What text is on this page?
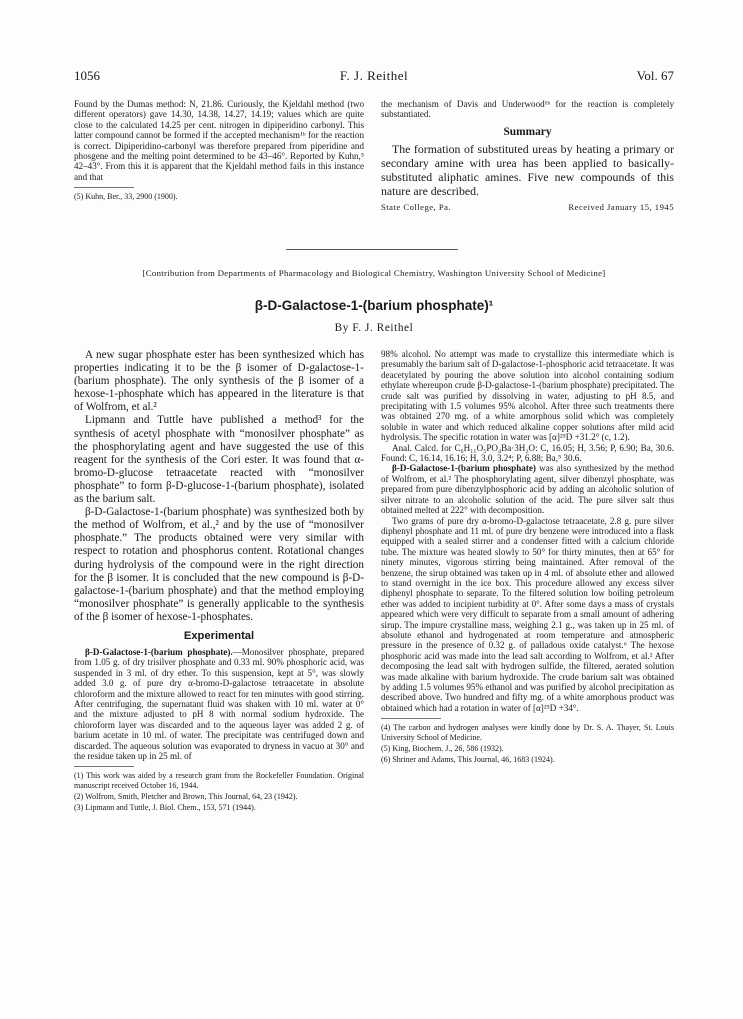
1056	F. J. Reithel	Vol. 67

Found by the Dumas method: N, 21.86. Curiously, the Kjeldahl method (two different operators) gave 14.30, 14.38, 14.27, 14.19; values which are quite close to the calculated 14.25 per cent. nitrogen in dipiperidino carbonyl. This latter compound cannot be formed if the accepted mechanism¹ᵇ for the reaction is correct. Dipiperidino-carbonyl was therefore prepared from piperidine and phosgene and the melting point determined to be 43–46°. Reported by Kuhn,⁵ 42–43°. From this it is apparent that the Kjeldahl method fails in this instance and that

(5) Kuhn, Ber., 33, 2900 (1900).

the mechanism of Davis and Underwood¹ᵇ for the reaction is completely substantiated.

Summary

The formation of substituted ureas by heating a primary or secondary amine with urea has been applied to basically-substituted aliphatic amines. Five new compounds of this nature are described.

State College, Pa.	Received January 15, 1945
[Contribution from Departments of Pharmacology and Biological Chemistry, Washington University School of Medicine]
β-D-Galactose-1-(barium phosphate)¹
By F. J. Reithel

A new sugar phosphate ester has been synthesized which has properties indicating it to be the β isomer of D-galactose-1-(barium phosphate). The only synthesis of the β isomer of a hexose-1-phosphate which has appeared in the literature is that of Wolfrom, et al.²

Lipmann and Tuttle have published a method³ for the synthesis of acetyl phosphate with “monosilver phosphate” as the phosphorylating agent and have suggested the use of this reagent for the synthesis of the Cori ester. It was found that α-bromo-D-glucose tetraacetate reacted with “monosilver phosphate” to form β-D-glucose-1-(barium phosphate), isolated as the barium salt.

β-D-Galactose-1-(barium phosphate) was synthesized both by the method of Wolfrom, et al.,² and by the use of “monosilver phosphate.” The products obtained were very similar with respect to rotation and phosphorus content. Rotational changes during hydrolysis of the compound were in the right direction for the β isomer. It is concluded that the new compound is β-D-galactose-1-(barium phosphate) and that the method employing “monosilver phosphate” is generally applicable to the synthesis of the β isomer of hexose-1-phosphates.

Experimental

β-D-Galactose-1-(barium phosphate).—Monosilver phosphate, prepared from 1.05 g. of dry trisilver phosphate and 0.33 ml. 90% phosphoric acid, was suspended in 3 ml. of dry ether. To this suspension, kept at 5°, was slowly added 3.0 g. of pure dry α-bromo-D-galactose tetraacetate in absolute chloroform and the mixture allowed to react for ten minutes with good stirring. After centrifuging, the supernatant fluid was shaken with 10 ml. water at 0° and the mixture adjusted to pH 8 with normal sodium hydroxide. The chloroform layer was discarded and to the aqueous layer was added 2 g. of barium acetate in 10 ml. of water. The precipitate was centrifuged down and discarded. The aqueous solution was evaporated to dryness in vacuo at 30° and the residue taken up in 25 ml. of

(1) This work was aided by a research grant from the Rockefeller Foundation. Original manuscript received October 16, 1944.

(2) Wolfrom, Smith, Pletcher and Brown, This Journal, 64, 23 (1942).

(3) Lipmann and Tuttle, J. Biol. Chem., 153, 571 (1944).

98% alcohol. No attempt was made to crystallize this intermediate which is presumably the barium salt of D-galactose-1-phosphoric acid tetraacetate. It was deacetylated by pouring the above solution into alcohol containing sodium ethylate whereupon crude β-D-galactose-1-(barium phosphate) precipitated. The crude salt was purified by dissolving in water, adjusting to pH 8.5, and precipitating with 1.5 volumes 95% alcohol. After three such treatments there was obtained 270 mg. of a white amorphous solid which was completely soluble in water and which reduced alkaline copper solutions after mild acid hydrolysis. The specific rotation in water was [α]²⁵D +31.2° (c, 1.2).

Anal. Calcd. for C₆H₁₁O₅PO₄Ba·3H₂O: C, 16.05; H, 3.56; P, 6.90; Ba, 30.6. Found: C, 16.14, 16.16; H, 3.0, 3.2⁴; P, 6.88; Ba,⁵ 30.6.

β-D-Galactose-1-(barium phosphate) was also synthesized by the method of Wolfrom, et al.² The phosphorylating agent, silver dibenzyl phosphate, was prepared from pure dibenzylphosphoric acid by adding an alcoholic solution of silver nitrate to an alcoholic solution of the acid. The pure silver salt thus obtained melted at 222° with decomposition.

Two grams of pure dry α-bromo-D-galactose tetraacetate, 2.8 g. pure silver diphenyl phosphate and 11 ml. of pure dry benzene were introduced into a flask equipped with a sealed stirrer and a condenser fitted with a calcium chloride tube. The mixture was heated slowly to 50° for thirty minutes, then at 65° for ninety minutes, vigorous stirring being maintained. After removal of the benzene, the sirup obtained was taken up in 4 ml. of absolute ether and allowed to stand overnight in the ice box. This procedure allowed any excess silver diphenyl phosphate to separate. To the filtered solution low boiling petroleum ether was added to incipient turbidity at 0°. After some days a mass of crystals appeared which were very difficult to separate from a small amount of adhering sirup. The impure crystalline mass, weighing 2.1 g., was taken up in 25 ml. of absolute ethanol and hydrogenated at room temperature and atmospheric pressure in the presence of 0.32 g. of palladous oxide catalyst.⁶ The hexose phosphoric acid was made into the lead salt according to Wolfrom, et al.² After decomposing the lead salt with hydrogen sulfide, the filtered, aerated solution was made alkaline with barium hydroxide. The crude barium salt was obtained by adding 1.5 volumes 95% ethanol and was purified by alcohol precipitation as described above. Two hundred and fifty mg. of a white amorphous product was obtained which had a rotation in water of [α]²⁵D +34°.

(4) The carbon and hydrogen analyses were kindly done by Dr. S. A. Thayer, St. Louis University School of Medicine.

(5) King, Biochem. J., 26, 586 (1932).

(6) Shriner and Adams, This Journal, 46, 1683 (1924).
